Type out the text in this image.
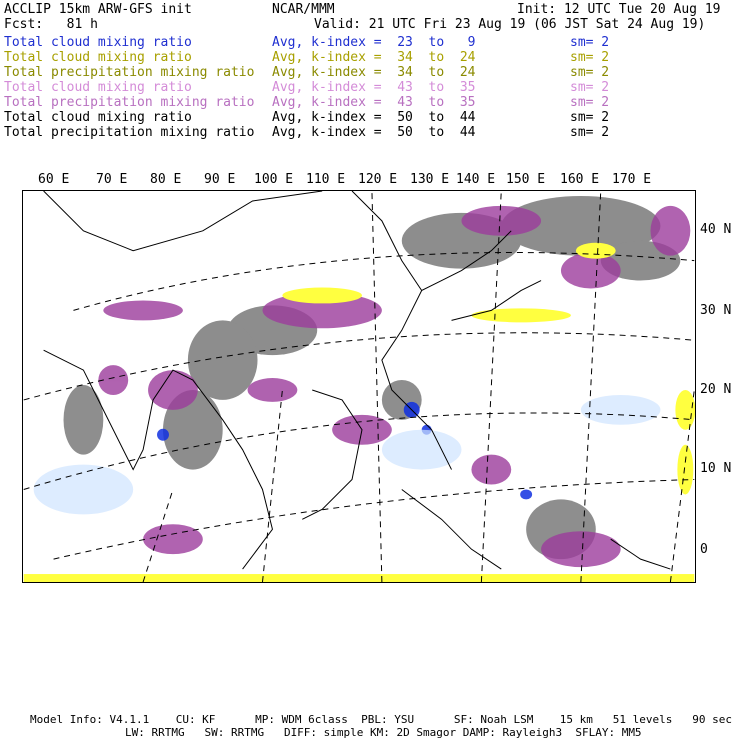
ACCLIP 15km ARW-GFS init	NCAR/MMM	Init: 12 UTC Tue 20 Aug 19
Fcst:   81 h	Valid: 21 UTC Fri 23 Aug 19 (06 JST Sat 24 Aug 19)
Total cloud mixing ratio	Avg, k-index =  23  to   9	sm= 2
Total cloud mixing ratio	Avg, k-index =  34  to  24	sm= 2
Total precipitation mixing ratio Avg, k-index =  34  to  24	sm= 2
Total cloud mixing ratio	Avg, k-index =  43  to  35	sm= 2
Total precipitation mixing ratio Avg, k-index =  43  to  35	sm= 2
Total cloud mixing ratio	Avg, k-index =  50  to  44	sm= 2
Total precipitation mixing ratio Avg, k-index =  50  to  44	sm= 2
60 E 70 E 80 E 90 E 100 E 110 E 120 E 130 E 140 E 150 E 160 E 170 E
40 N
30 N
20 N
10 N
0
Model Info: V4.1.1    CU: KF      MP: WDM 6class  PBL: YSU      SF: Noah LSM    15 km   51 levels   90 sec
LW: RRTMG   SW: RRTMG   DIFF: simple KM: 2D Smagor DAMP: Rayleigh3  SFLAY: MM5
